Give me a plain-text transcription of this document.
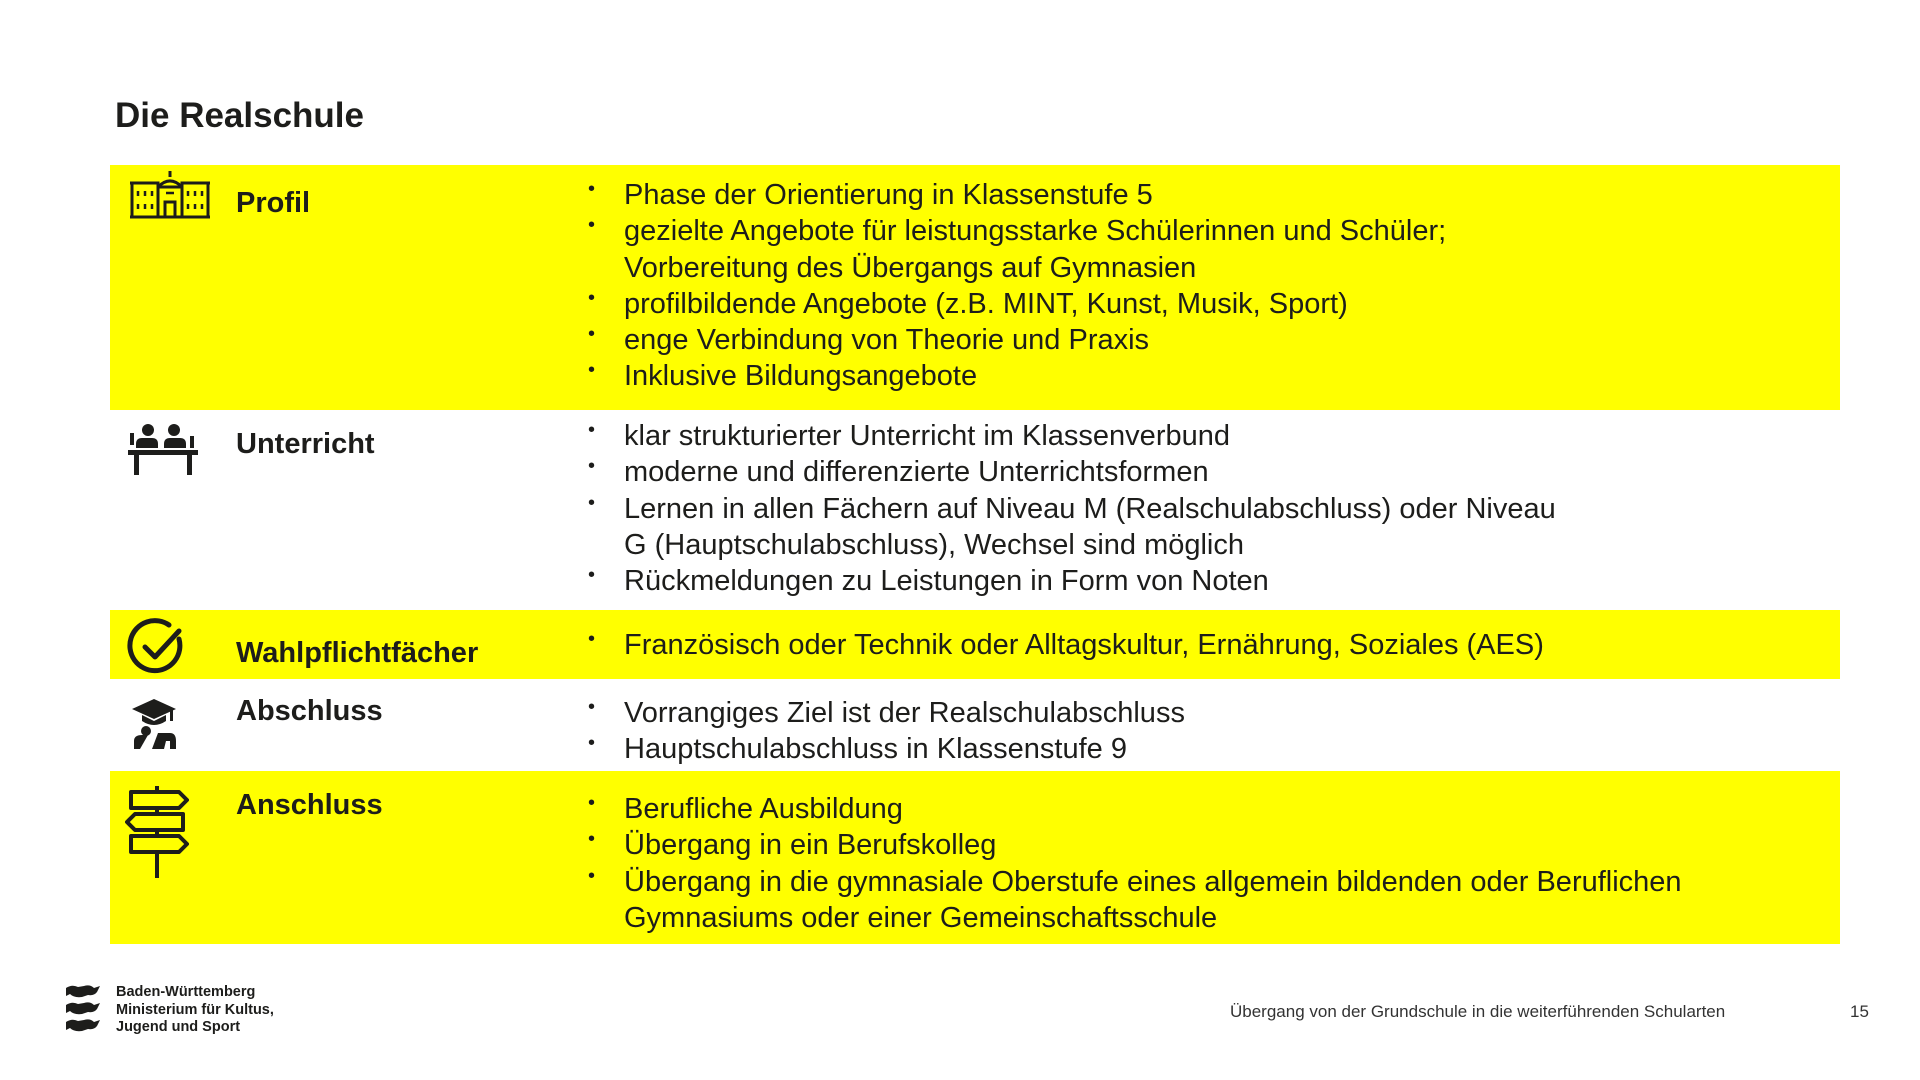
Die Realschule
Profil	• Phase der Orientierung in Klassenstufe 5
• gezielte Angebote für leistungsstarke Schülerinnen und Schüler; Vorbereitung des Übergangs auf Gymnasien
• profilbildende Angebote (z.B. MINT, Kunst, Musik, Sport)
• enge Verbindung von Theorie und Praxis
• Inklusive Bildungsangebote
Unterricht	• klar strukturierter Unterricht im Klassenverbund
• moderne und differenzierte Unterrichtsformen
• Lernen in allen Fächern auf Niveau M (Realschulabschluss) oder Niveau G (Hauptschulabschluss), Wechsel sind möglich
• Rückmeldungen zu Leistungen in Form von Noten
Wahlpflichtfächer	• Französisch oder Technik oder Alltagskultur, Ernährung, Soziales (AES)
Abschluss	• Vorrangiges Ziel ist der Realschulabschluss
• Hauptschulabschluss in Klassenstufe 9
Anschluss	• Berufliche Ausbildung
• Übergang in ein Berufskolleg
• Übergang in die gymnasiale Oberstufe eines allgemein bildenden oder Beruflichen Gymnasiums oder einer Gemeinschaftsschule
Baden-Württemberg
Ministerium für Kultus,
Jugend und Sport
Übergang von der Grundschule in die weiterführenden Schularten	15
